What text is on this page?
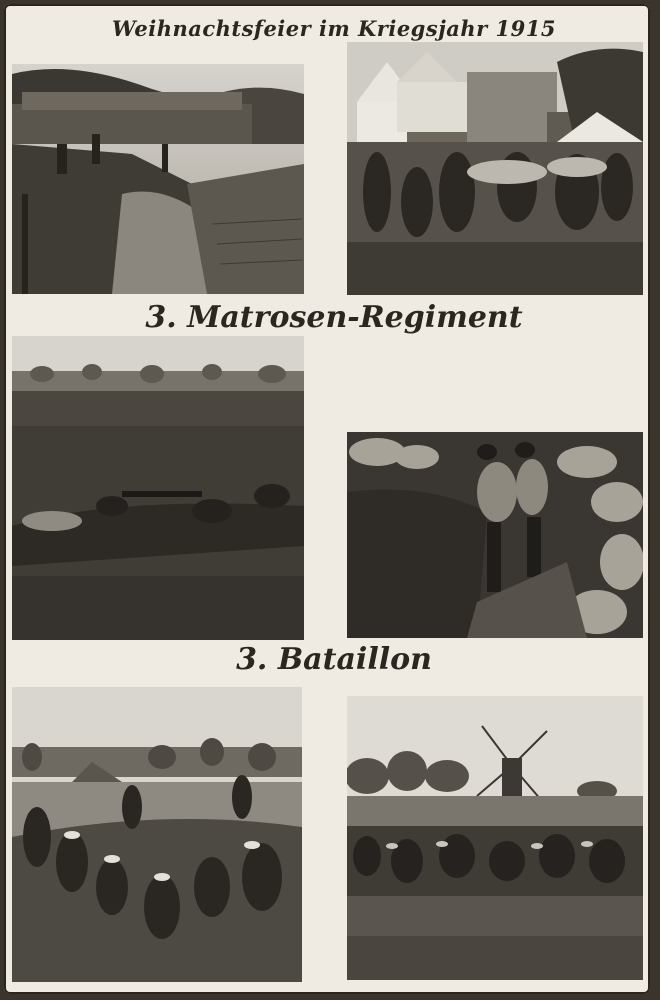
Weihnachtsfeier im Kriegsjahr 1915
3. Matrosen-Regiment
3. Bataillon
